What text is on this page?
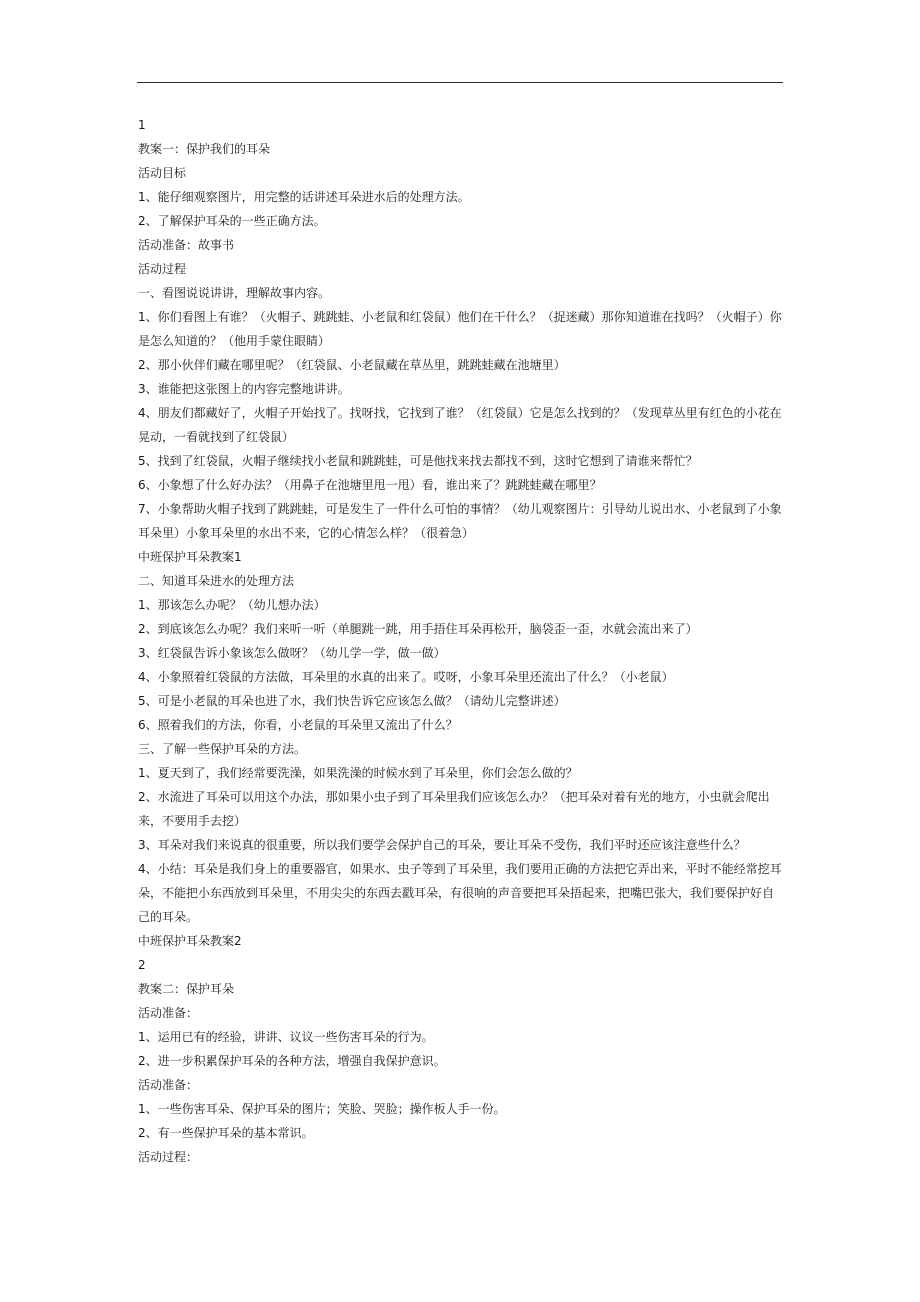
1
教案一：保护我们的耳朵
活动目标
1、能仔细观察图片，用完整的话讲述耳朵进水后的处理方法。
2、了解保护耳朵的一些正确方法。
活动准备：故事书
活动过程
一、看图说说讲讲，理解故事内容。
1、你们看图上有谁？（火帽子、跳跳蛙、小老鼠和红袋鼠）他们在干什么？（捉迷藏）那你知道谁在找吗？（火帽子）你是怎么知道的？（他用手蒙住眼睛）
2、那小伙伴们藏在哪里呢？（红袋鼠、小老鼠藏在草丛里，跳跳蛙藏在池塘里）
3、谁能把这张图上的内容完整地讲讲。
4、朋友们都藏好了，火帽子开始找了。找呀找，它找到了谁？（红袋鼠）它是怎么找到的？（发现草丛里有红色的小花在晃动，一看就找到了红袋鼠）
5、找到了红袋鼠，火帽子继续找小老鼠和跳跳蛙，可是他找来找去都找不到，这时它想到了请谁来帮忙？
6、小象想了什么好办法？（用鼻子在池塘里甩一甩）看，谁出来了？跳跳蛙藏在哪里？
7、小象帮助火帽子找到了跳跳蛙，可是发生了一件什么可怕的事情？（幼儿观察图片：引导幼儿说出水、小老鼠到了小象耳朵里）小象耳朵里的水出不来，它的心情怎么样？（很着急）
中班保护耳朵教案1
二、知道耳朵进水的处理方法
1、那该怎么办呢？（幼儿想办法）
2、到底该怎么办呢？我们来听一听（单腿跳一跳，用手捂住耳朵再松开，脑袋歪一歪，水就会流出来了）
3、红袋鼠告诉小象该怎么做呀？（幼儿学一学，做一做）
4、小象照着红袋鼠的方法做，耳朵里的水真的出来了。哎呀，小象耳朵里还流出了什么？（小老鼠）
5、可是小老鼠的耳朵也进了水，我们快告诉它应该怎么做？（请幼儿完整讲述）
6、照着我们的方法，你看，小老鼠的耳朵里又流出了什么？
三、了解一些保护耳朵的方法。
1、夏天到了，我们经常要洗澡，如果洗澡的时候水到了耳朵里，你们会怎么做的？
2、水流进了耳朵可以用这个办法，那如果小虫子到了耳朵里我们应该怎么办？（把耳朵对着有光的地方，小虫就会爬出来，不要用手去挖）
3、耳朵对我们来说真的很重要，所以我们要学会保护自己的耳朵，要让耳朵不受伤，我们平时还应该注意些什么？
4、小结：耳朵是我们身上的重要器官，如果水、虫子等到了耳朵里，我们要用正确的方法把它弄出来，平时不能经常挖耳朵，不能把小东西放到耳朵里，不用尖尖的东西去戳耳朵，有很响的声音要把耳朵捂起来，把嘴巴张大，我们要保护好自己的耳朵。
中班保护耳朵教案2
2
教案二：保护耳朵
活动准备：
1、运用已有的经验，讲讲、议议一些伤害耳朵的行为。
2、进一步积累保护耳朵的各种方法，增强自我保护意识。
活动准备：
1、一些伤害耳朵、保护耳朵的图片；笑脸、哭脸；操作板人手一份。
2、有一些保护耳朵的基本常识。
活动过程：
